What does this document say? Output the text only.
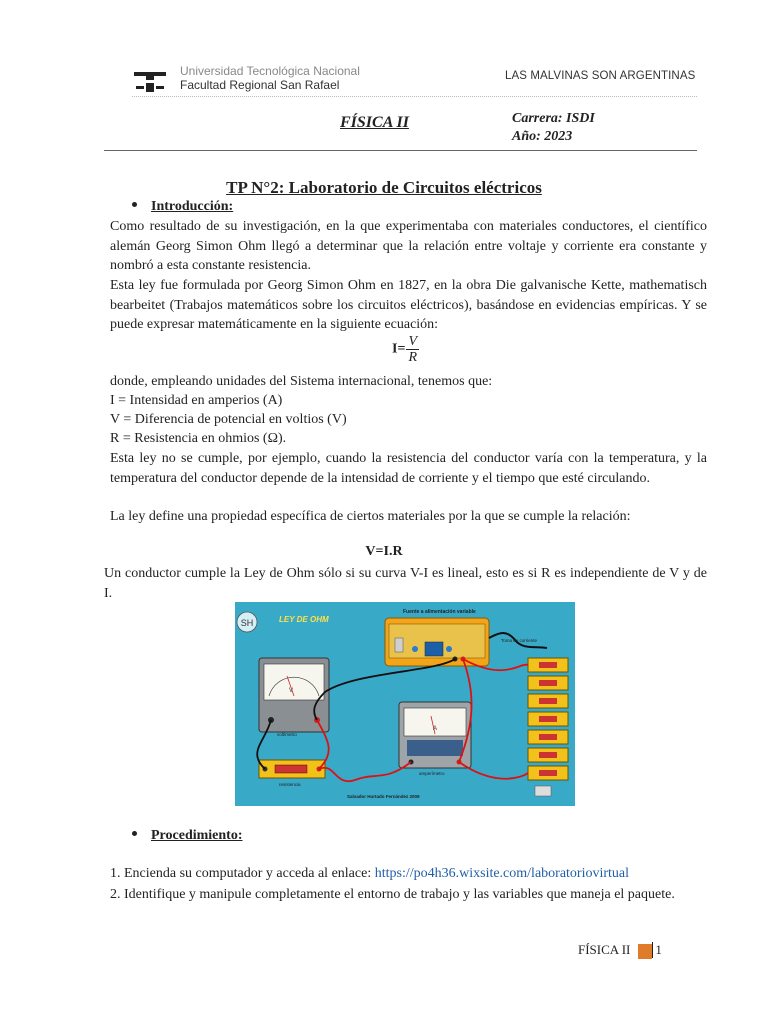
Universidad Tecnológica Nacional
Facultad Regional San Rafael
LAS MALVINAS SON ARGENTINAS
FÍSICA II	Carrera: ISDI
Año: 2023
TP N°2: Laboratorio de Circuitos eléctricos
Introducción:
Como resultado de su investigación, en la que experimentaba con materiales conductores, el científico alemán Georg Simon Ohm llegó a determinar que la relación entre voltaje y corriente era constante y nombró a esta constante resistencia.
Esta ley fue formulada por Georg Simon Ohm en 1827, en la obra Die galvanische Kette, mathematisch bearbeitet (Trabajos matemáticos sobre los circuitos eléctricos), basándose en evidencias empíricas. Y se puede expresar matemáticamente en la siguiente ecuación:
$I= \frac{V}{R}$
donde, empleando unidades del Sistema internacional, tenemos que:
I = Intensidad en amperios (A)
V = Diferencia de potencial en voltios (V)
R = Resistencia en ohmios (Ω).
Esta ley no se cumple, por ejemplo, cuando la resistencia del conductor varía con la temperatura, y la temperatura del conductor depende de la intensidad de corriente y el tiempo que esté circulando.
La ley define una propiedad específica de ciertos materiales por la que se cumple la relación:
V=I.R
Un conductor cumple la Ley de Ohm sólo si su curva V-I es lineal, esto es si R es independiente de V y de I.
SH	LEY DE OHM
Fuente a alimentación variable
Toma de corriente
V
voltímetro
A
amperímetro
resistencia
Salvador Hurtado Fernández 2009
Procedimiento:
1. Encienda su computador y acceda al enlace: https://po4h36.wixsite.com/laboratoriovirtual
2. Identifique y manipule completamente el entorno de trabajo y las variables que maneja el paquete.
FÍSICA II 1
